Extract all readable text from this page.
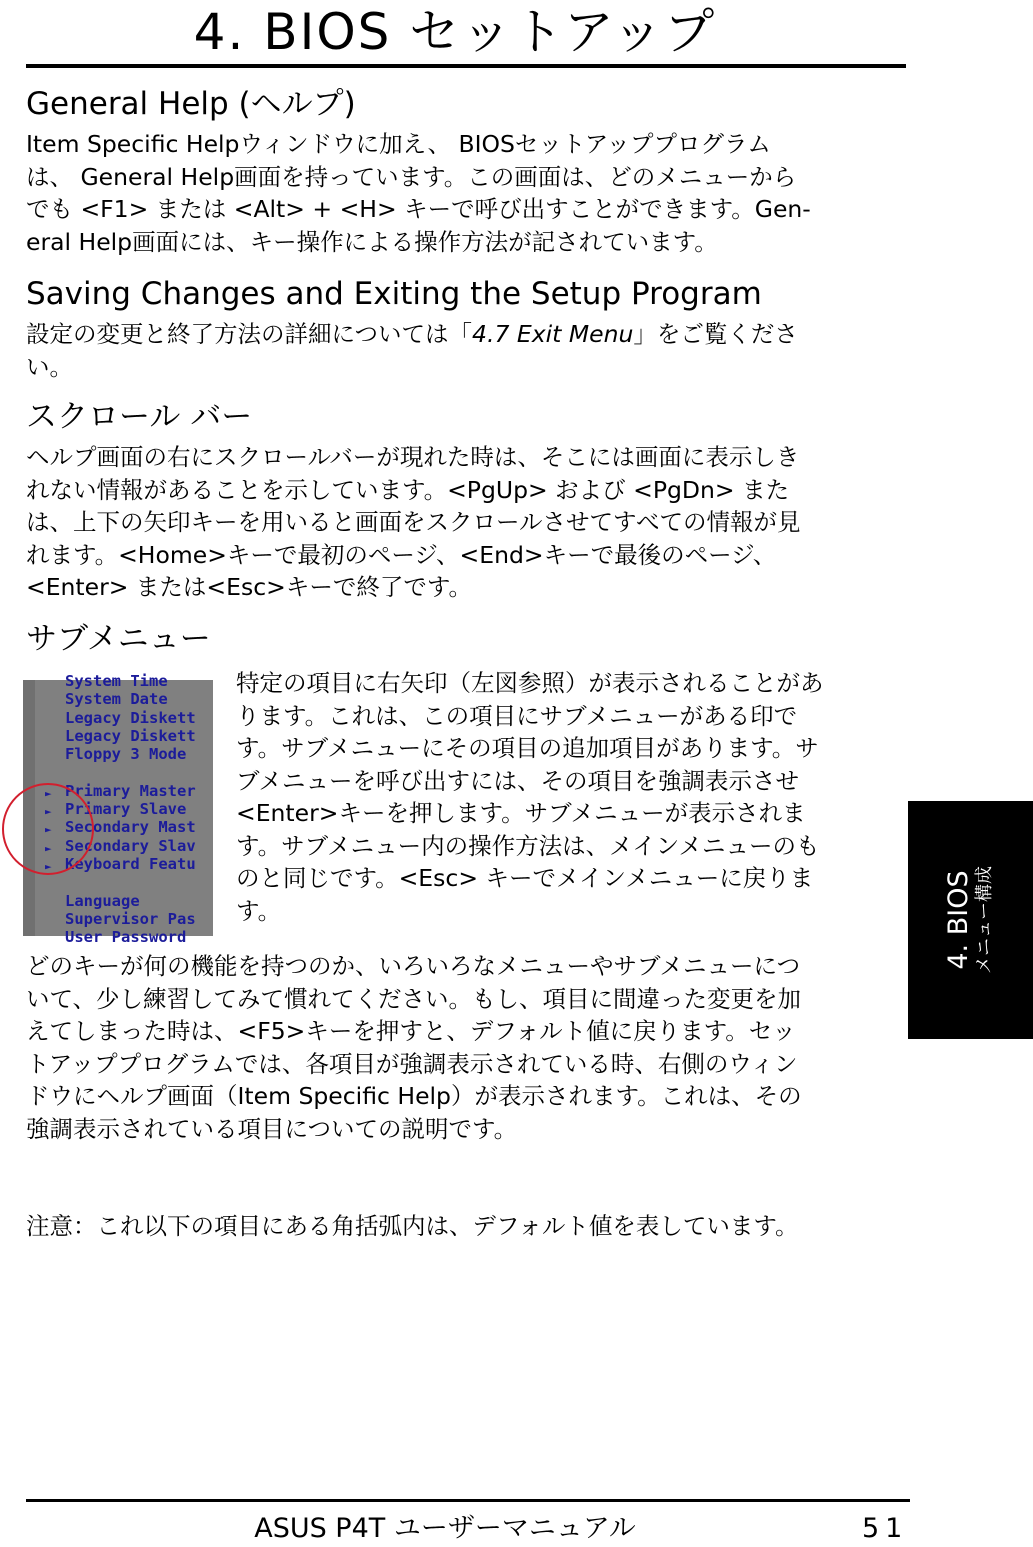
4. BIOS セットアップ
General Help (ヘルプ)
Item Specific Helpウィンドウに加え、 BIOSセットアッププログラム
は、 General Help画面を持っています。この画面は、どのメニューから
でも <F1> または <Alt> + <H> キーで呼び出すことができます。Gen-
eral Help画面には、キー操作による操作方法が記されています。
Saving Changes and Exiting the Setup Program
設定の変更と終了方法の詳細については「4.7 Exit Menu」をご覧くださ
い。
スクロール バー
ヘルプ画面の右にスクロールバーが現れた時は、そこには画面に表示しき
れない情報があることを示しています。<PgUp> および <PgDn> また
は、上下の矢印キーを用いると画面をスクロールさせてすべての情報が見
れます。<Home>キーで最初のページ、<End>キーで最後のページ、
<Enter> または<Esc>キーで終了です。
サブメニュー
System Time
System Date
Legacy Diskett
Legacy Diskett
Floppy 3 Mode
Primary Master
►
Primary Slave
►
Secondary Mast
►
Secondary Slav
►
Keyboard Featu
►
Language
Supervisor Pas
User Password
特定の項目に右矢印（左図参照）が表示されることがあ
ります。これは、この項目にサブメニューがある印で
す。サブメニューにその項目の追加項目があります。サ
ブメニューを呼び出すには、その項目を強調表示させ
<Enter>キーを押します。サブメニューが表示されま
す。サブメニュー内の操作方法は、メインメニューのも
のと同じです。<Esc> キーでメインメニューに戻りま
す。
どのキーが何の機能を持つのか、いろいろなメニューやサブメニューにつ
いて、少し練習してみて慣れてください。もし、項目に間違った変更を加
えてしまった時は、<F5>キーを押すと、デフォルト値に戻ります。セッ
トアッププログラムでは、各項目が強調表示されている時、右側のウィン
ドウにヘルプ画面（Item Specific Help）が表示されます。これは、その
強調表示されている項目についての説明です。
注意：これ以下の項目にある角括弧内は、デフォルト値を表しています。
4. BIOS メニュー構成
ASUS P4T ユーザーマニュアル	51
